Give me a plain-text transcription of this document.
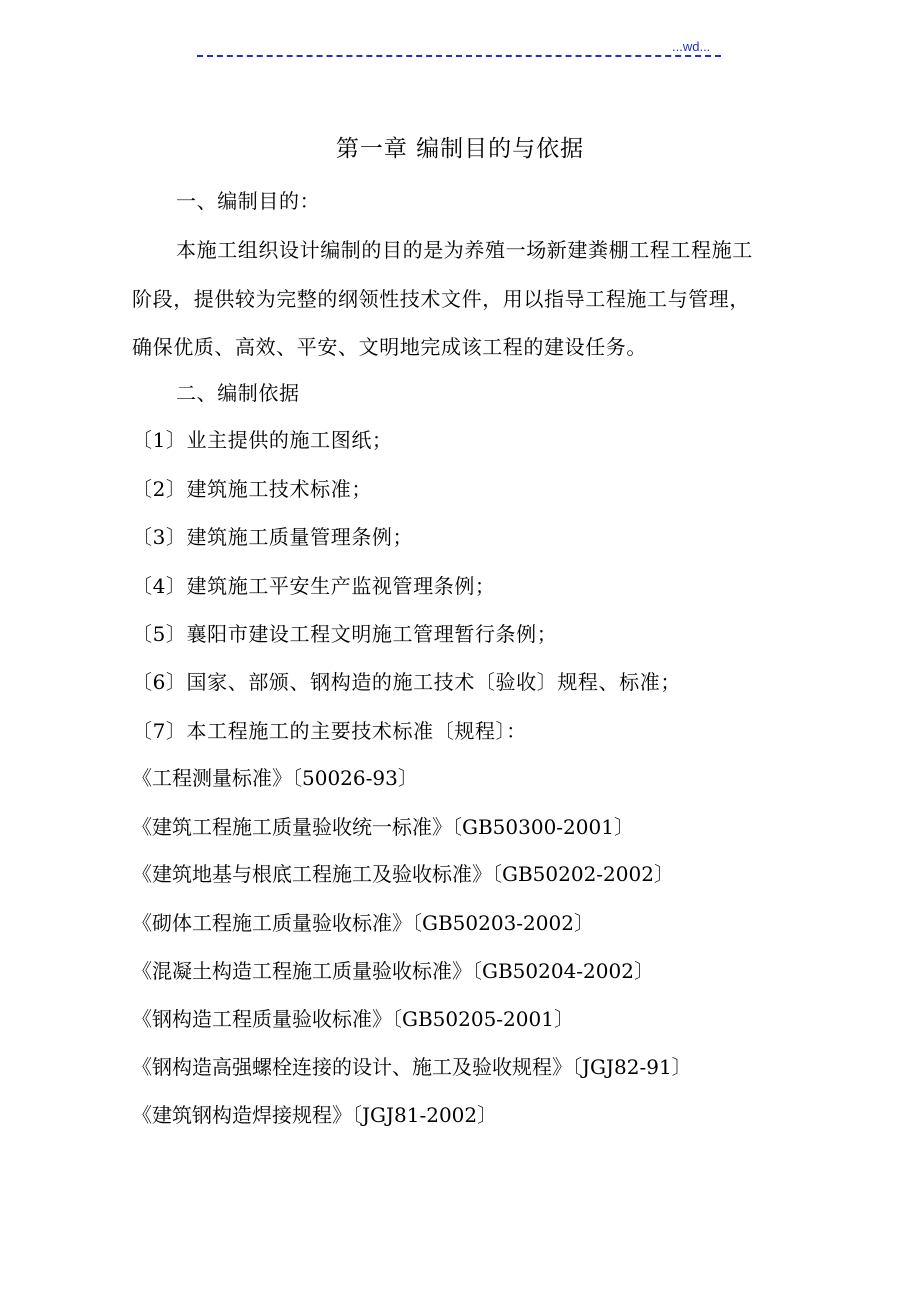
...wd...
第一章 编制目的与依据
一、编制目的：
本施工组织设计编制的目的是为养殖一场新建粪棚工程工程施工
阶段，提供较为完整的纲领性技术文件，用以指导工程施工与管理，
确保优质、高效、平安、文明地完成该工程的建设任务。
二、编制依据
〔1〕业主提供的施工图纸；
〔2〕建筑施工技术标准；
〔3〕建筑施工质量管理条例；
〔4〕建筑施工平安生产监视管理条例；
〔5〕襄阳市建设工程文明施工管理暂行条例；
〔6〕国家、部颁、钢构造的施工技术〔验收〕规程、标准；
〔7〕本工程施工的主要技术标准〔规程〕：
《工程测量标准》〔50026-93〕
《建筑工程施工质量验收统一标准》〔GB50300-2001〕
《建筑地基与根底工程施工及验收标准》〔GB50202-2002〕
《砌体工程施工质量验收标准》〔GB50203-2002〕
《混凝土构造工程施工质量验收标准》〔GB50204-2002〕
《钢构造工程质量验收标准》〔GB50205-2001〕
《钢构造高强螺栓连接的设计、施工及验收规程》〔JGJ82-91〕
《建筑钢构造焊接规程》〔JGJ81-2002〕
